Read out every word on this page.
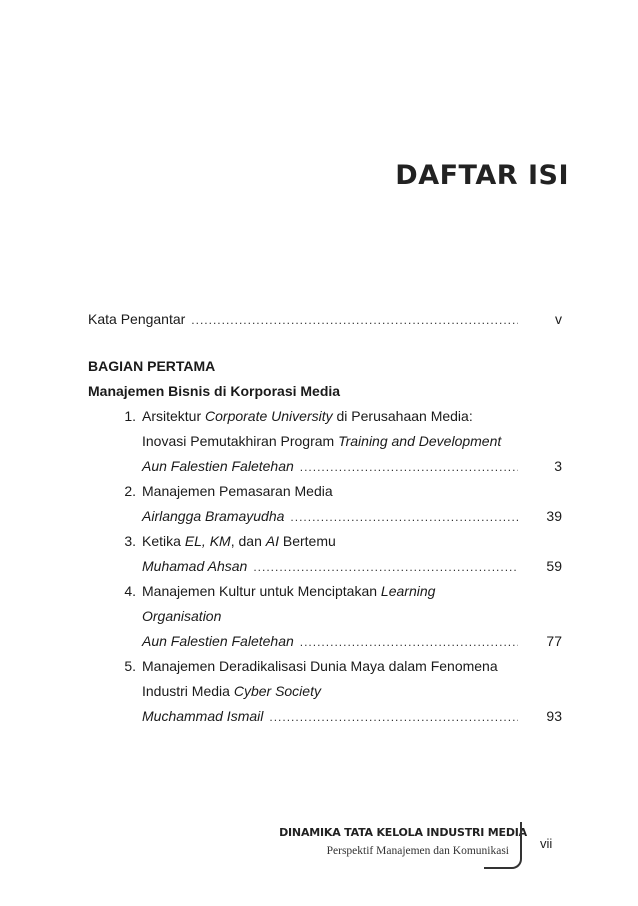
DAFTAR ISI
Kata Pengantar .....	v
BAGIAN PERTAMA
Manajemen Bisnis di Korporasi Media
1. Arsitektur Corporate University di Perusahaan Media:
Inovasi Pemutakhiran Program Training and Development
Aun Falestien Faletehan .....	3
2. Manajemen Pemasaran Media
Airlangga Bramayudha .....	39
3. Ketika EL, KM, dan AI Bertemu
Muhamad Ahsan .....	59
4. Manajemen Kultur untuk Menciptakan Learning
Organisation
Aun Falestien Faletehan .....	77
5. Manajemen Deradikalisasi Dunia Maya dalam Fenomena
Industri Media Cyber Society
Muchammad Ismail .....	93
DINAMIKA TATA KELOLA INDUSTRI MEDIA
Perspektif Manajemen dan Komunikasi vii
